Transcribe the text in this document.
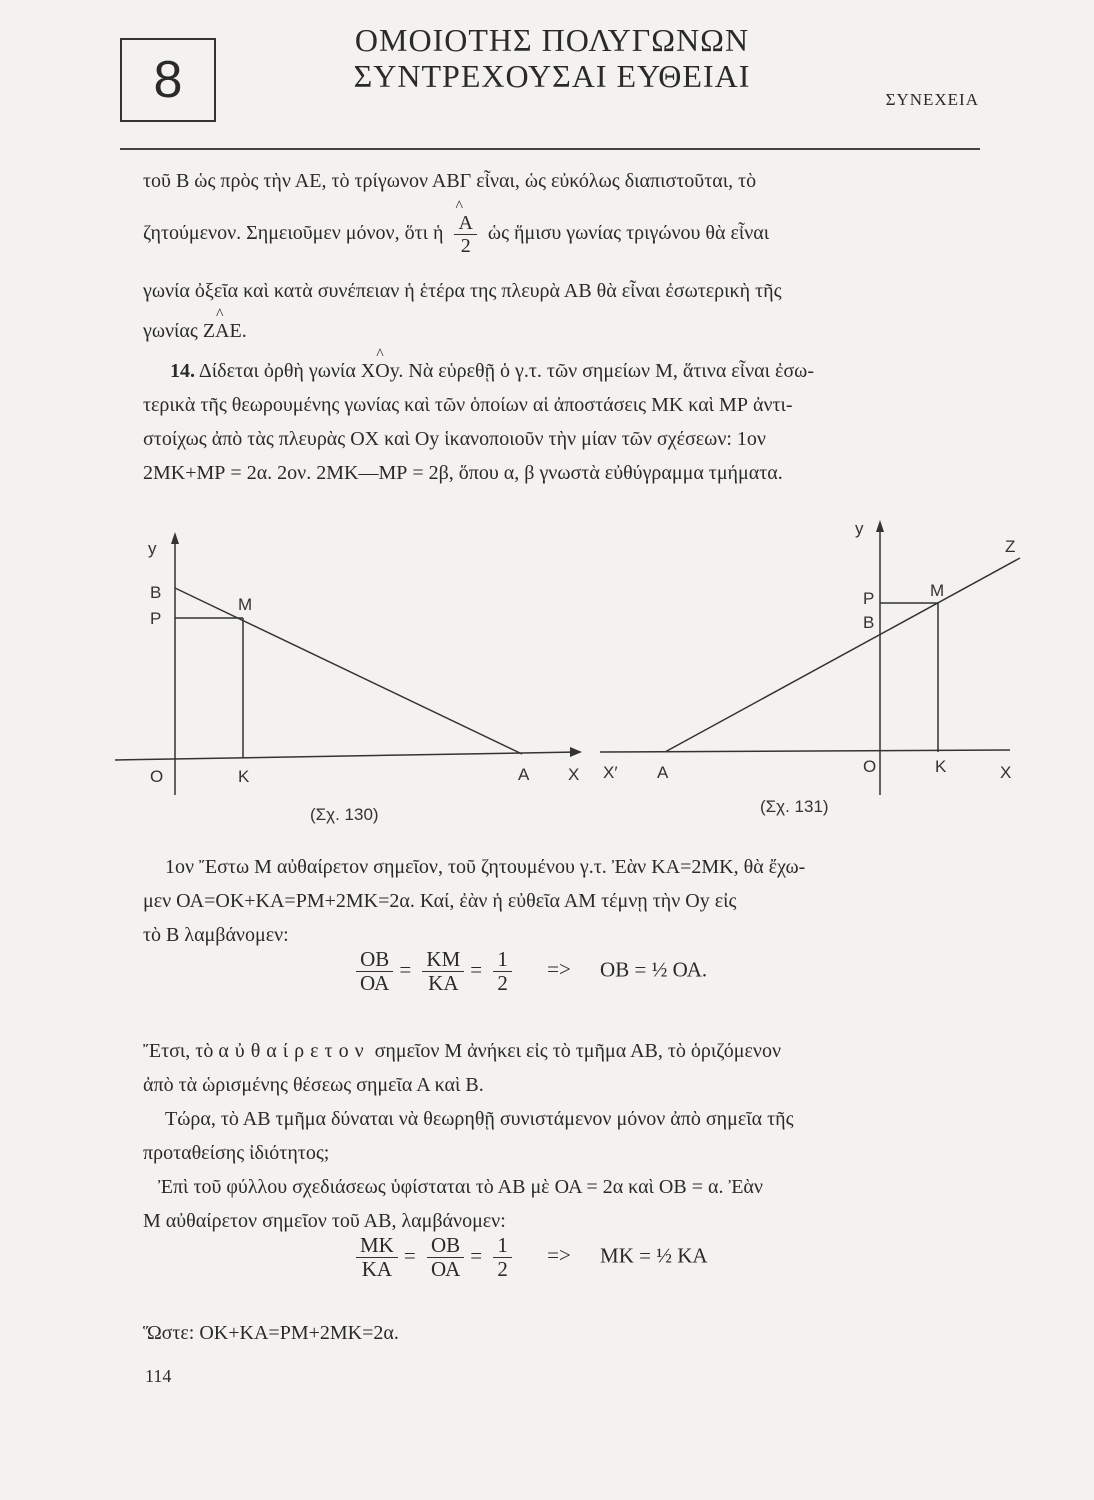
8
ΟΜΟΙΟΤΗΣ ΠΟΛΥΓΩΝΩΝ
ΣΥΝΤΡΕΧΟΥΣΑΙ ΕΥΘΕΙΑΙ
ΣΥΝΕΧΕΙΑ
τοῦ Β ὡς πρὸς τὴν ΑΕ, τὸ τρίγωνον ΑΒΓ εἶναι, ὡς εὐκόλως διαπιστοῦται, τὸ
ζητούμενον. Σημειοῦμεν μόνον, ὅτι ἡ
^ $\frac{A}{2}$ ὡς ἥμισυ γωνίας τριγώνου θὰ εἶναι
γωνία ὀξεῖα καὶ κατὰ συνέπειαν ἡ ἑτέρα της πλευρὰ ΑΒ θὰ εἶναι ἐσωτερικὴ τῆς
γωνίας Ζ^ ΑΕ.
14. Δίδεται ὀρθὴ γωνία Χ^ Οy. Νὰ εὑρεθῇ ὁ γ.τ. τῶν σημείων Μ, ἅτινα εἶναι ἐσω-
τερικὰ τῆς θεωρουμένης γωνίας καὶ τῶν ὁποίων αἱ ἀποστάσεις ΜΚ καὶ ΜΡ ἀντι-
στοίχως ἀπὸ τὰς πλευρὰς ΟΧ καὶ Oy ἱκανοποιοῦν τὴν μίαν τῶν σχέσεων: 1ον
2ΜΚ+ΜΡ = 2α. 2ον. 2ΜΚ—ΜΡ = 2β, ὅπου α, β γνωστὰ εὐθύγραμμα τμήματα.
y
B
P
M
O	K	A X
(Σχ. 130)
y
Z
M
P
B
O	K
X′ A	X
(Σχ. 131)
1ον Ἔστω Μ αὐθαίρετον σημεῖον, τοῦ ζητουμένου γ.τ. Ἐὰν ΚΑ=2ΜΚ, θὰ ἔχω-
μεν ΟΑ=ΟΚ+ΚΑ=ΡΜ+2ΜΚ=2α. Καί, ἐὰν ἡ εὐθεῖα ΑΜ τέμνῃ τὴν Oy εἰς
τὸ Β λαμβάνομεν:
$\frac{OB}{OA} = \frac{KM}{KA} = \frac{1}{2} => OB$ = ½ ΟΑ.
Ἔτσι, τὸ αὐθαίρετον σημεῖον Μ ἀνήκει εἰς τὸ τμῆμα ΑΒ, τὸ ὁριζόμενον
ἀπὸ τὰ ὡρισμένης θέσεως σημεῖα Α καὶ Β.
Τώρα, τὸ ΑΒ τμῆμα δύναται νὰ θεωρηθῇ συνιστάμενον μόνον ἀπὸ σημεῖα τῆς
προταθείσης ἰδιότητος;
Ἐπὶ τοῦ φύλλου σχεδιάσεως ὑφίσταται τὸ ΑΒ μὲ ΟΑ = 2α καὶ ΟΒ = α. Ἐὰν
Μ αὐθαίρετον σημεῖον τοῦ ΑΒ, λαμβάνομεν:
$\frac{MK}{KA} = \frac{OB}{OA} = \frac{1}{2} => MK$ = ½ ΚΑ
Ὥστε: ΟΚ+ΚΑ=ΡΜ+2ΜΚ=2α.
114
